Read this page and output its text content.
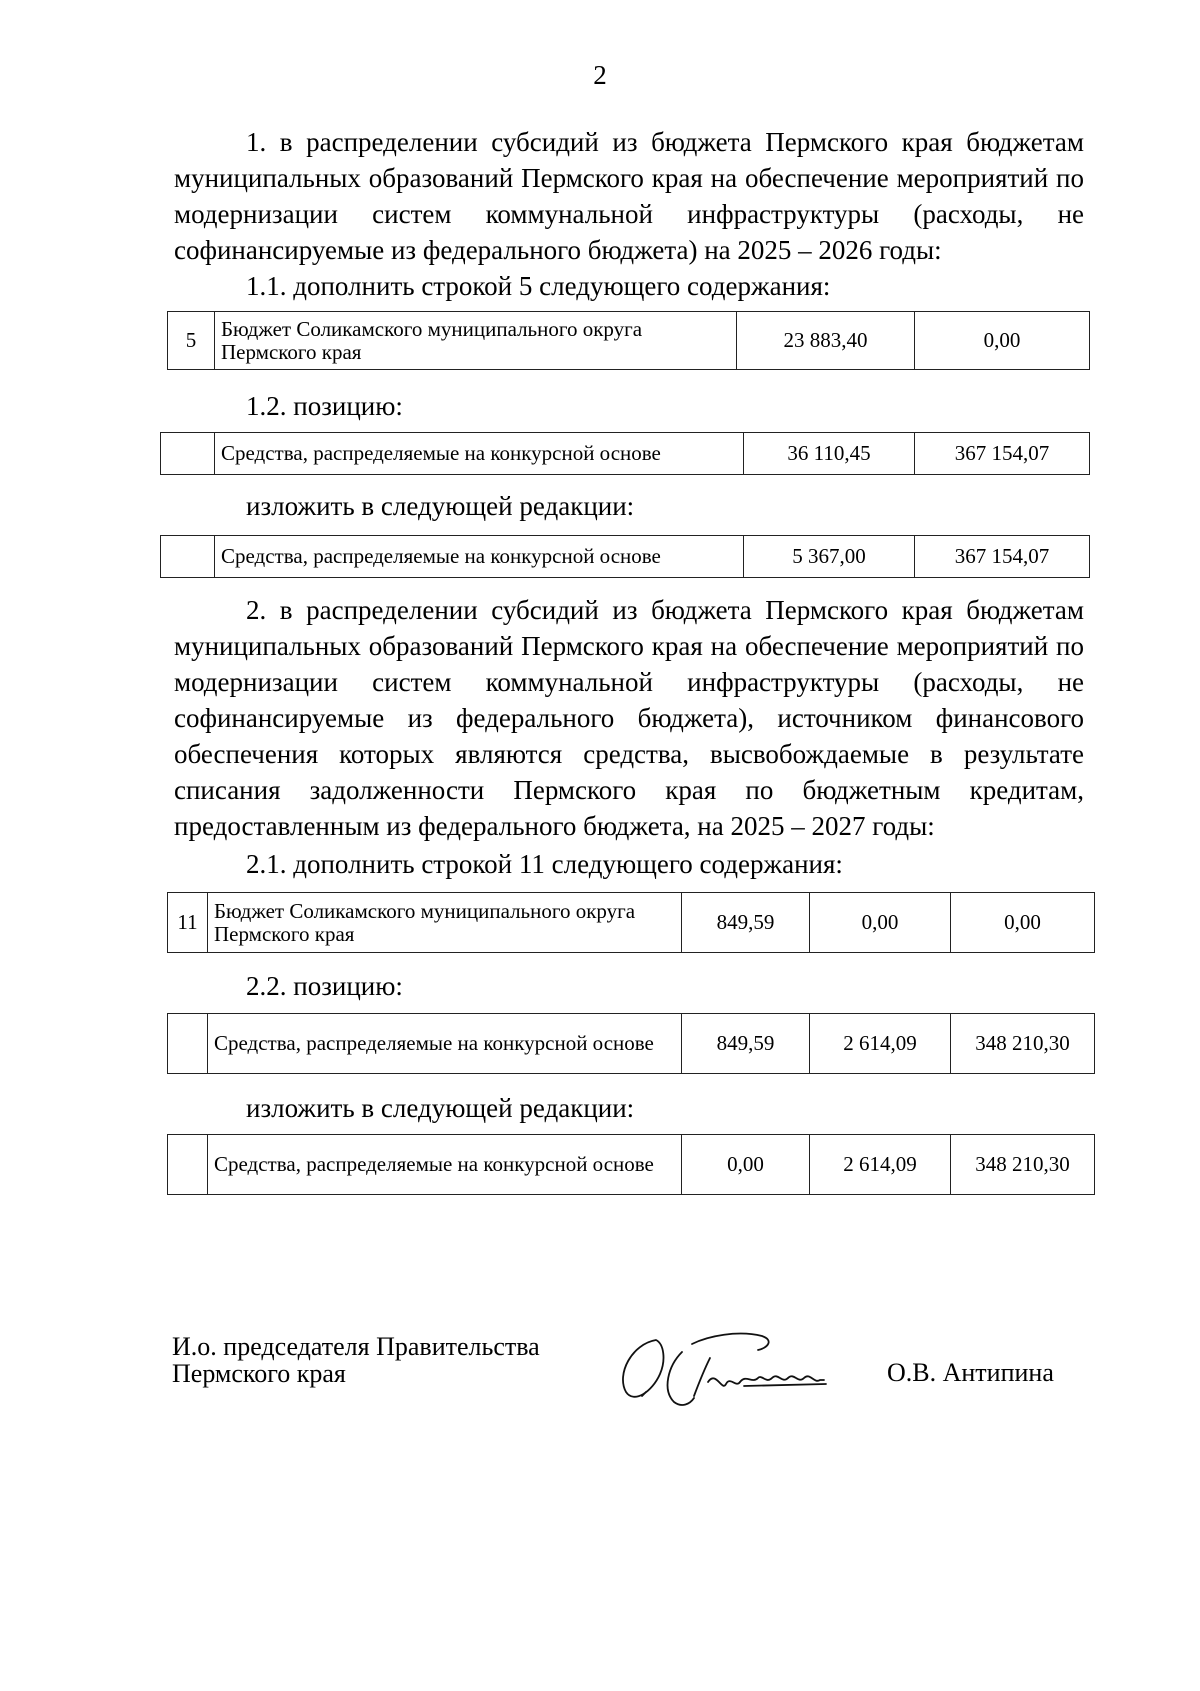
2
1. в распределении субсидий из бюджета Пермского края бюджетам муниципальных образований Пермского края на обеспечение мероприятий по модернизации систем коммунальной инфраструктуры (расходы, не софинансируемые из федерального бюджета) на 2025 – 2026 годы:
1.1. дополнить строкой 5 следующего содержания:
5	Бюджет Соликамского муниципального округа Пермского края	23 883,40	0,00
1.2. позицию:
	Средства, распределяемые на конкурсной основе	36 110,45	367 154,07
изложить в следующей редакции:
	Средства, распределяемые на конкурсной основе	5 367,00	367 154,07
2. в распределении субсидий из бюджета Пермского края бюджетам муниципальных образований Пермского края на обеспечение мероприятий по модернизации систем коммунальной инфраструктуры (расходы, не софинансируемые из федерального бюджета), источником финансового обеспечения которых являются средства, высвобождаемые в результате списания задолженности Пермского края по бюджетным кредитам, предоставленным из федерального бюджета, на 2025 – 2027 годы:
2.1. дополнить строкой 11 следующего содержания:
11	Бюджет Соликамского муниципального округа Пермского края	849,59	0,00	0,00
2.2. позицию:
	Средства, распределяемые на конкурсной основе	849,59	2 614,09	348 210,30
изложить в следующей редакции:
	Средства, распределяемые на конкурсной основе	0,00	2 614,09	348 210,30
И.о. председателя Правительства
Пермского края	О.В. Антипина
